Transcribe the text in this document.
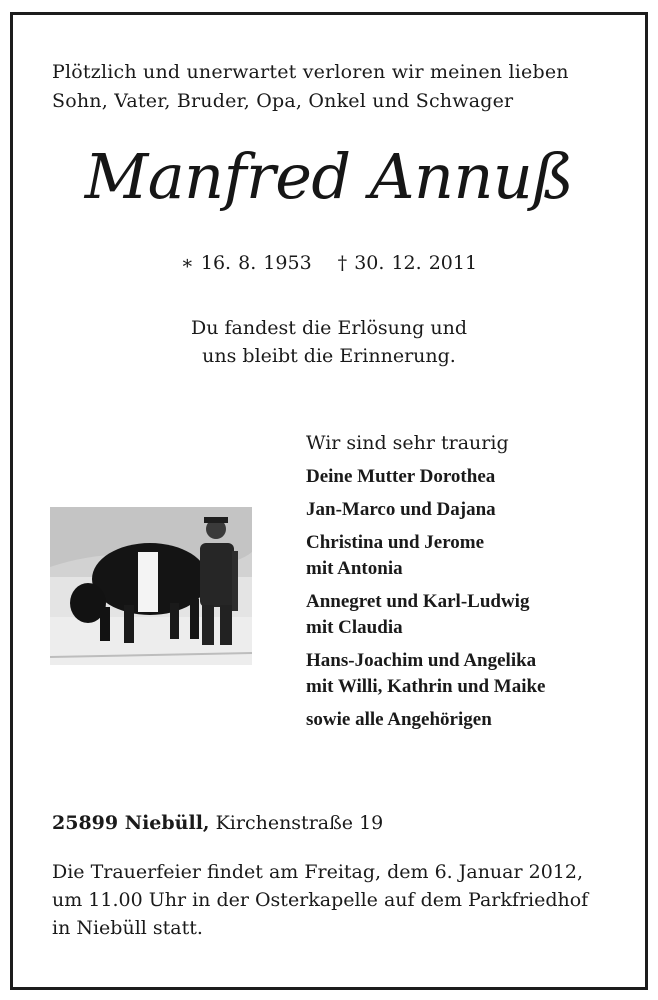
Plötzlich und unerwartet verloren wir meinen lieben
Sohn, Vater, Bruder, Opa, Onkel und Schwager
Manfred Annuß
∗ 16. 8. 1953 † 30. 12. 2011
Du fandest die Erlösung und
uns bleibt die Erinnerung.
Wir sind sehr traurig
Deine Mutter Dorothea
Jan-Marco und Dajana
Christina und Jerome
mit Antonia
Annegret und Karl-Ludwig
mit Claudia
Hans-Joachim und Angelika
mit Willi, Kathrin und Maike
sowie alle Angehörigen
25899 Niebüll, Kirchenstraße 19
Die Trauerfeier findet am Freitag, dem 6. Januar 2012,
um 11.00 Uhr in der Osterkapelle auf dem Parkfriedhof
in Niebüll statt.
